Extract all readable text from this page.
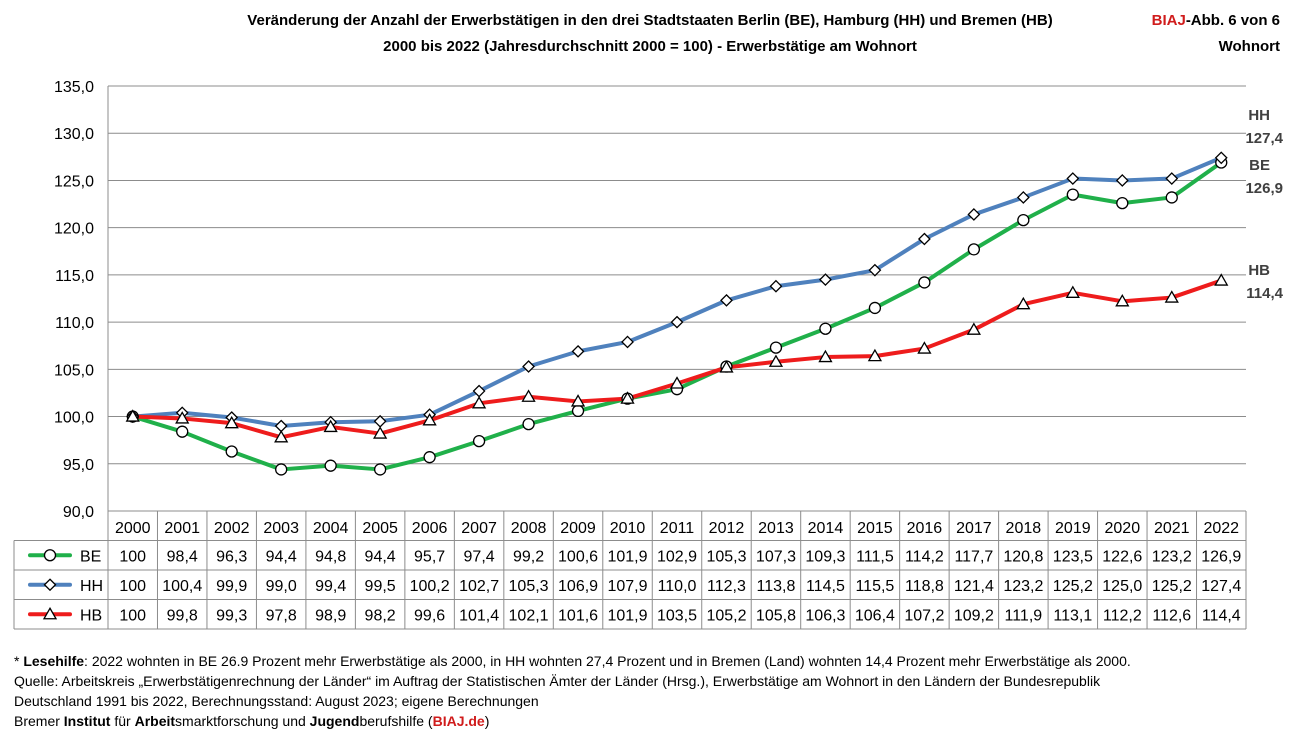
Veränderung der Anzahl der Erwerbstätigen in den drei Stadtstaaten Berlin (BE), Hamburg (HH) und Bremen (HB)
2000 bis 2022 (Jahresdurchschnitt 2000 = 100) - Erwerbstätige am Wohnort
BIAJ-Abb. 6 von 6
Wohnort
90,0
95,0
100,0
105,0
110,0
115,0
120,0
125,0
130,0
135,0
2000 2001 2002 2003 2004 2005 2006 2007 2008 2009 2010 2011 2012 2013 2014 2015 2016 2017 2018 2019 2020 2021 2022
BE
126,9
HH
127,4
HB
114,4
BE 100 98,4 96,3 94,4 94,8 94,4 95,7 97,4 99,2 100,6 101,9 102,9 105,3 107,3 109,3 111,5 114,2 117,7 120,8 123,5 122,6 123,2 126,9
HH 100 100,4 99,9 99,0 99,4 99,5 100,2 102,7 105,3 106,9 107,9 110,0 112,3 113,8 114,5 115,5 118,8 121,4 123,2 125,2 125,0 125,2 127,4
HB 100 99,8 99,3 97,8 98,9 98,2 99,6 101,4 102,1 101,6 101,9 103,5 105,2 105,8 106,3 106,4 107,2 109,2 111,9 113,1 112,2 112,6 114,4
* Lesehilfe: 2022 wohnten in BE 26.9 Prozent mehr Erwerbstätige als 2000, in HH wohnten 27,4 Prozent und in Bremen (Land) wohnten 14,4 Prozent mehr Erwerbstätige als 2000.
Quelle: Arbeitskreis „Erwerbstätigenrechnung der Länder“ im Auftrag der Statistischen Ämter der Länder (Hrsg.), Erwerbstätige am Wohnort in den Ländern der Bundesrepublik
Deutschland 1991 bis 2022, Berechnungsstand: August 2023; eigene Berechnungen
Bremer Institut für Arbeitsmarktforschung und Jugendberufshilfe (BIAJ.de)
